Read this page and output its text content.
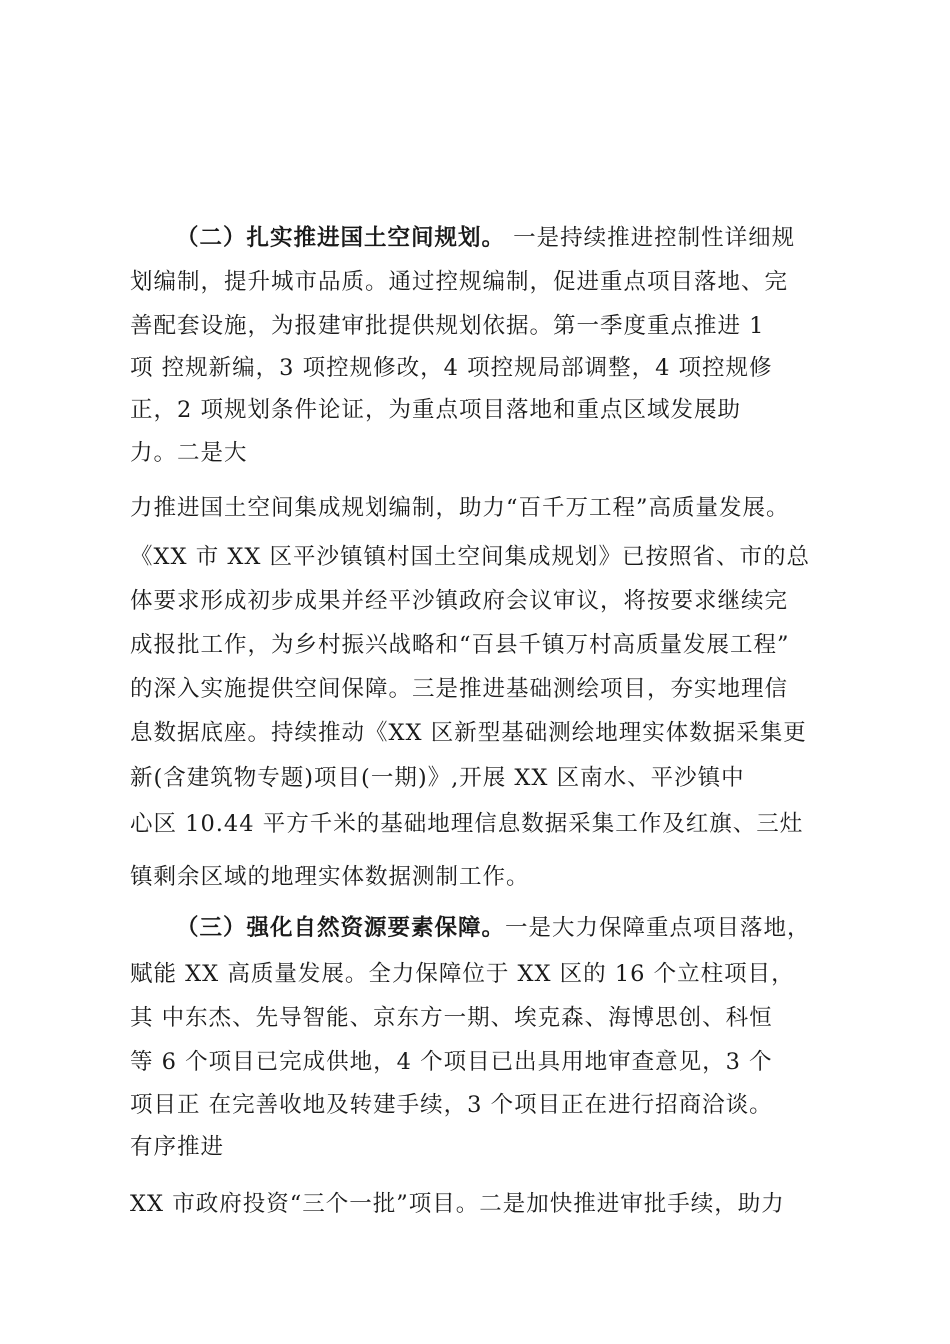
（二）扎实推进国土空间规划。 一是持续推进控制性详细规
划编制，提升城市品质。通过控规编制，促进重点项目落地、完
善配套设施，为报建审批提供规划依据。第一季度重点推进 1
项 控规新编，3 项控规修改，4 项控规局部调整，4 项控规修
正，2 项规划条件论证，为重点项目落地和重点区域发展助
力。二是大
力推进国土空间集成规划编制，助力“百千万工程”高质量发展。
《XX 市 XX 区平沙镇镇村国土空间集成规划》已按照省、市的总
体要求形成初步成果并经平沙镇政府会议审议，将按要求继续完
成报批工作，为乡村振兴战略和“百县千镇万村高质量发展工程”
的深入实施提供空间保障。三是推进基础测绘项目，夯实地理信
息数据底座。持续推动《XX 区新型基础测绘地理实体数据采集更
新(含建筑物专题)项目(一期)》,开展 XX 区南水、平沙镇中
心区 10.44 平方千米的基础地理信息数据采集工作及红旗、三灶
镇剩余区域的地理实体数据测制工作。
（三）强化自然资源要素保障。一是大力保障重点项目落地，
赋能 XX 高质量发展。全力保障位于 XX 区的 16 个立柱项目，
其 中东杰、先导智能、京东方一期、埃克森、海博思创、科恒
等 6 个项目已完成供地，4 个项目已出具用地审查意见，3 个
项目正 在完善收地及转建手续，3 个项目正在进行招商洽谈。
有序推进
XX 市政府投资“三个一批”项目。二是加快推进审批手续，助力
